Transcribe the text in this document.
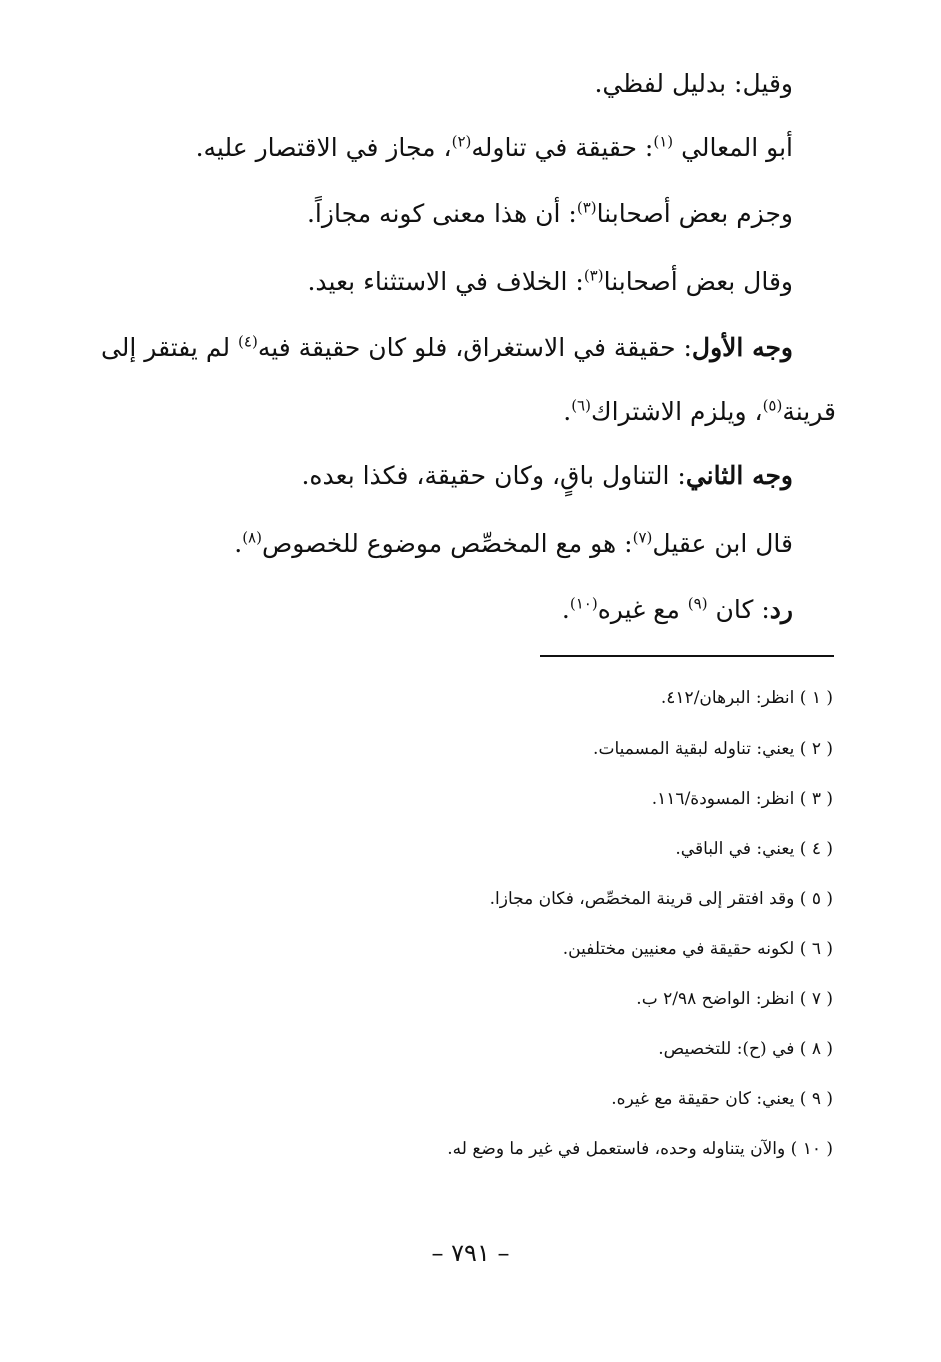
وقيل: بدليل لفظي.
أبو المعالي $^{(١)}$: حقيقة في تناوله$^{(٢)}$، مجاز في الاقتصار عليه.
وجزم بعض أصحابنا$^{(٣)}$: أن هذا معنى كونه مجازاً.
وقال بعض أصحابنا$^{(٣)}$: الخلاف في الاستثناء بعيد.
وجه الأول: حقيقة في الاستغراق، فلو كان حقيقة فيه$^{(٤)}$ لم يفتقر إلى
قرينة$^{(٥)}$، ويلزم الاشتراك$^{(٦)}$.
وجه الثاني: التناول باقٍ، وكان حقيقة، فكذا بعده.
قال ابن عقيل$^{(٧)}$: هو مع المخصِّص موضوع للخصوص$^{(٨)}$.
رد: كان $^{(٩)}$ مع غيره$^{(١٠)}$.
( ١ ) انظر: البرهان/٤١٢.
( ٢ ) يعني: تناوله لبقية المسميات.
( ٣ ) انظر: المسودة/١١٦.
( ٤ ) يعني: في الباقي.
( ٥ ) وقد افتقر إلى قرينة المخصِّص، فكان مجازا.
( ٦ ) لكونه حقيقة في معنيين مختلفين.
( ٧ ) انظر: الواضح ٢/٩٨ ب.
( ٨ ) في (ح): للتخصيص.
( ٩ ) يعني: كان حقيقة مع غيره.
( ١٠ ) والآن يتناوله وحده، فاستعمل في غير ما وضع له.
– ٧٩١ –
